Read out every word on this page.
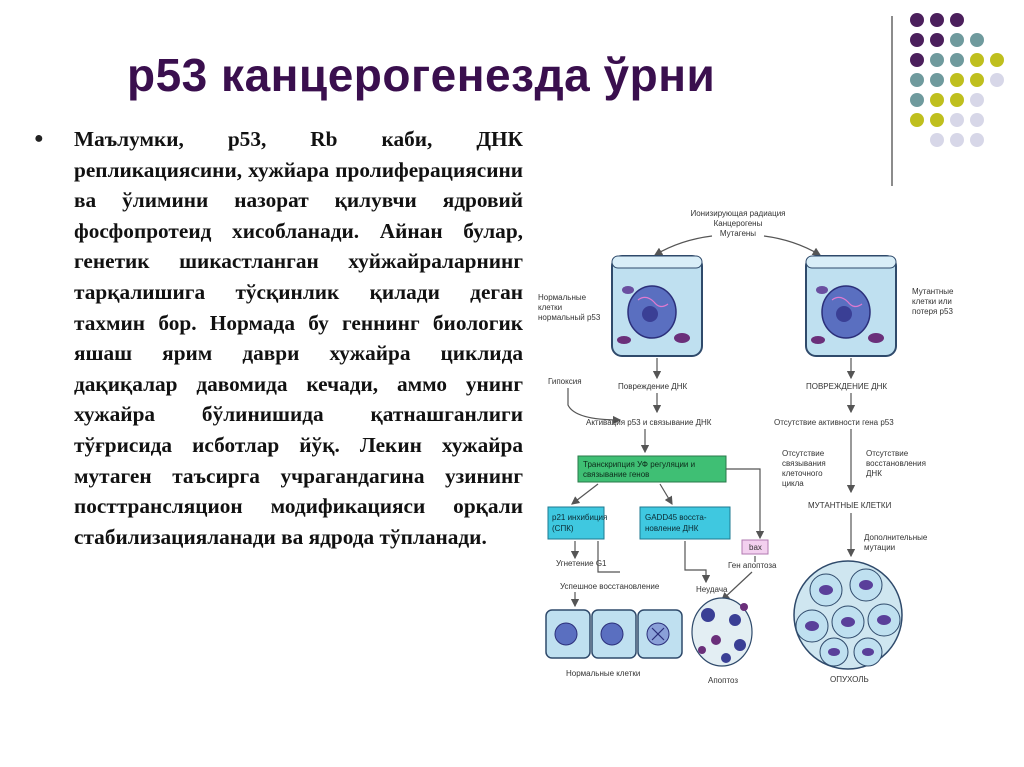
р53 канцерогенезда ўрни
● Маълумки, р53, Rb каби, ДНК репликациясини, хужйара пролиферациясини ва ўлимини назорат қилувчи ядровий фосфопротеид хисобланади. Айнан булар, генетик шикастланган хуйжайраларнинг тарқалишига тўсқинлик қилади деган тахмин бор. Нормада бу геннинг биологик яшаш ярим даври хужайра циклида дақиқалар давомида кечади, аммо унинг хужайра бўлинишида қатнашганлиги тўғрисида исботлар йўқ. Лекин хужайра мутаген таъсирга учрагандагина узининг посттрансляцион модификацияси орқали стабилизацияланади ва ядрода тўпланади.
Ионизирующая радиация
Канцерогены
Мутагены
Нормальные
клетки
нормальный р53
Мутантные
клетки или
потеря р53
Гипоксия
Повреждение ДНК
Активация р53 и связывание ДНК
Транскрипция УФ регуляции и
связывание генов
р21 инхибиция
(СПК)
GADD45 восста-
новление ДНК
bax
Угнетение G1	Ген апоптоза
Успешное восстановление	Неудача
Нормальные клетки
Апоптоз
ПОВРЕЖДЕНИЕ ДНК
Отсутствие активности гена р53
Отсутствие
связывания
клеточного
цикла
Отсутствие
восстановления
ДНК
МУТАНТНЫЕ КЛЕТКИ
Дополнительные
мутации
ОПУХОЛЬ
